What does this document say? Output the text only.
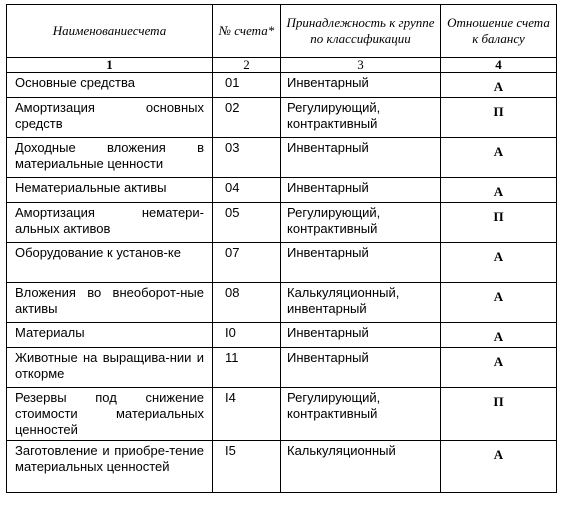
Наименованиесчета	№ счета*	Принадлежность к группе по классификации	Отношение счета к балансу
1	2	3	4
Основные средства	01	Инвентарный	А
Амортизация основных средств	02	Регулирующий, контрактивный	П
Доходные вложения в материальные ценности	03	Инвентарный	А
Нематериальные активы	04	Инвентарный	А
Амортизация нематери-альных активов	05	Регулирующий, контрактивный	П
Оборудование к установ-ке	07	Инвентарный	А
Вложения во внеоборот-ные активы	08	Калькуляционный, инвентарный	А
Материалы	I0	Инвентарный	А
Животные на выращива-нии и откорме	11	Инвентарный	А
Резервы под снижение стоимости материальных ценностей	I4	Регулирующий, контрактивный	П
Заготовление и приобре-тение материальных ценностей	I5	Калькуляционный	А
